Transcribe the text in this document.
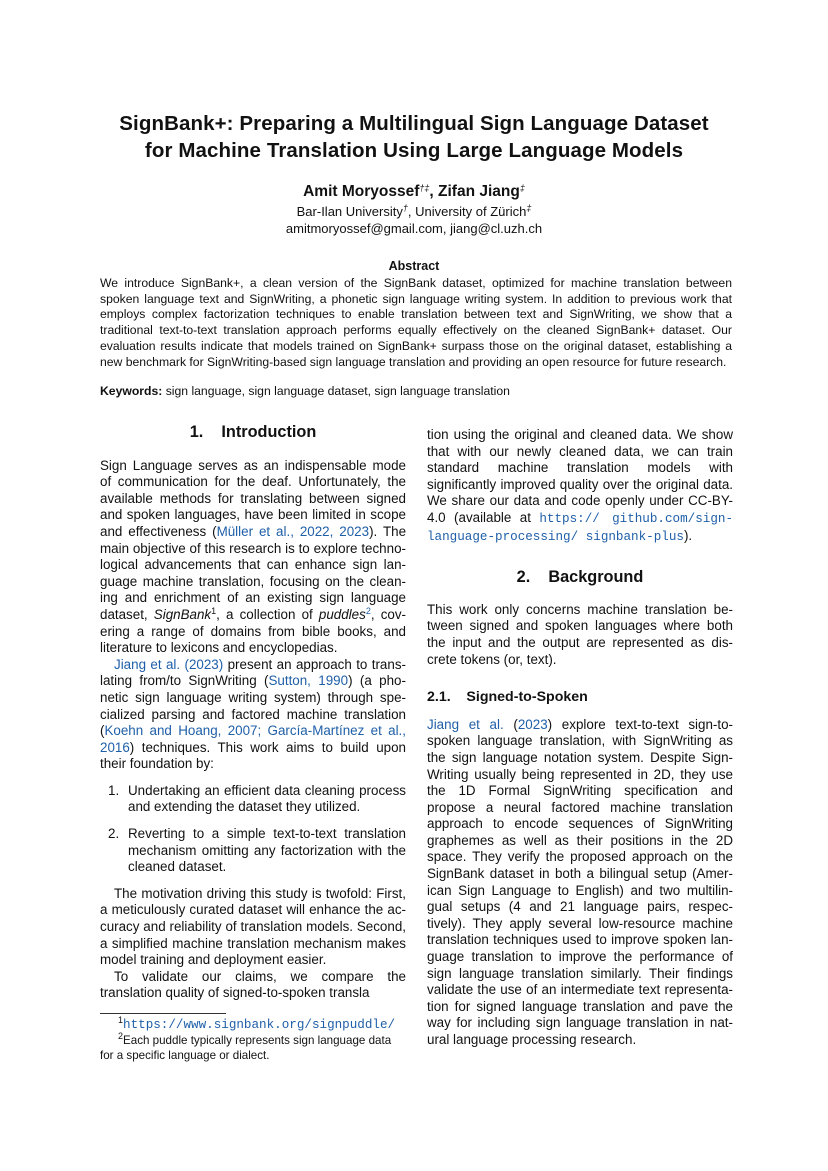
SignBank+: Preparing a Multilingual Sign Language Dataset
for Machine Translation Using Large Language Models
Amit Moryossef†‡, Zifan Jiang‡
Bar-Ilan University†, University of Zürich‡
amitmoryossef@gmail.com, jiang@cl.uzh.ch
Abstract
We introduce SignBank+, a clean version of the SignBank dataset, optimized for machine translation between spoken language text and SignWriting, a phonetic sign language writing system. In addition to previous work that employs complex factorization techniques to enable translation between text and SignWriting, we show that a traditional text-to-text translation approach performs equally effectively on the cleaned SignBank+ dataset. Our evaluation results indicate that models trained on SignBank+ surpass those on the original dataset, establishing a new benchmark for SignWriting-based sign language translation and providing an open resource for future research.
Keywords: sign language, sign language dataset, sign language translation
1.    Introduction

Sign Language serves as an indispensable mode of communication for the deaf. Unfortunately, the available methods for translating between signed and spoken languages, have been limited in scope and effectiveness (Müller et al., 2022, 2023). The main objective of this research is to explore technological advancements that can enhance sign language machine translation, focusing on the cleaning and enrichment of an existing sign language dataset, SignBank$^1$, a collection of puddles$^2$, covering a range of domains from bible books, and literature to lexicons and encyclopedias.

Jiang et al. (2023) present an approach to translating from/to SignWriting (Sutton, 1990) (a phonetic sign language writing system) through specialized parsing and factored machine translation (Koehn and Hoang, 2007; García-Martínez et al., 2016) techniques. This work aims to build upon their foundation by:

1. Undertaking an efficient data cleaning process and extending the dataset they utilized.
2. Reverting to a simple text-to-text translation mechanism omitting any factorization with the cleaned dataset.

The motivation driving this study is twofold: First, a meticulously curated dataset will enhance the accuracy and reliability of translation models. Second, a simplified machine translation mechanism makes model training and deployment easier.

To validate our claims, we compare the translation quality of signed-to-spoken transla

$^1$https://www.signbank.org/signpuddle/
$^2$Each puddle typically represents sign language data for a specific language or dialect.

tion using the original and cleaned data. We show that with our newly cleaned data, we can train standard machine translation models with significantly improved quality over the original data. We share our data and code openly under CC-BY-4.0 (available at https:// github.com/sign-language-processing/ signbank-plus).

2.    Background

This work only concerns machine translation between signed and spoken languages where both the input and the output are represented as discrete tokens (or, text).

2.1.    Signed-to-Spoken

Jiang et al. (2023) explore text-to-text sign-to-spoken language translation, with SignWriting as the sign language notation system. Despite SignWriting usually being represented in 2D, they use the 1D Formal SignWriting specification and propose a neural factored machine translation approach to encode sequences of SignWriting graphemes as well as their positions in the 2D space. They verify the proposed approach on the SignBank dataset in both a bilingual setup (American Sign Language to English) and two multilingual setups (4 and 21 language pairs, respectively). They apply several low-resource machine translation techniques used to improve spoken language translation to improve the performance of sign language translation similarly. Their findings validate the use of an intermediate text representation for signed language translation and pave the way for including sign language translation in natural language processing research.
